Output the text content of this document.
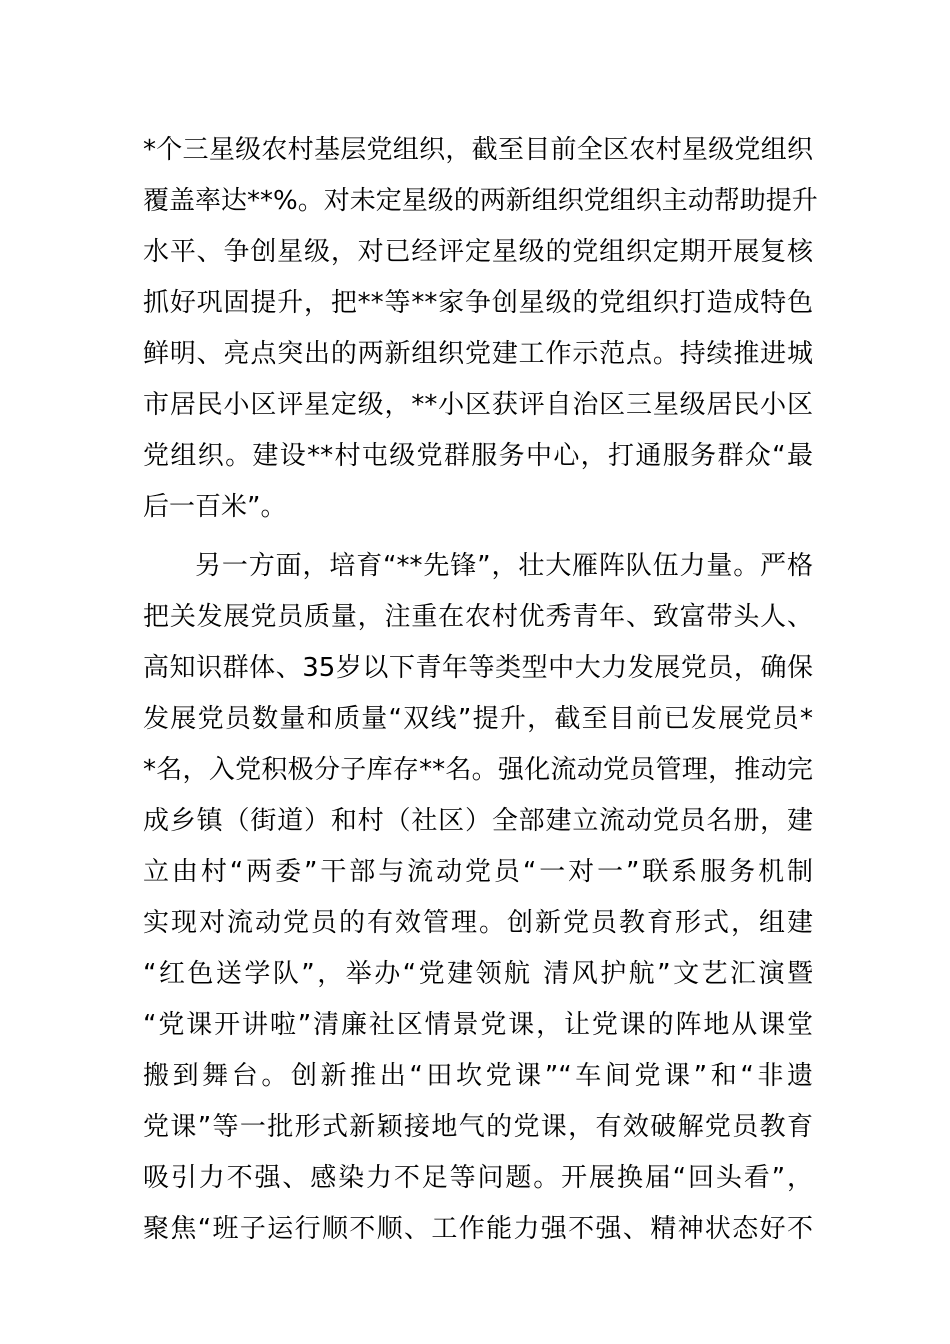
*个三星级农村基层党组织，截至目前全区农村星级党组织
覆盖率达**%。对未定星级的两新组织党组织主动帮助提升
水平、争创星级，对已经评定星级的党组织定期开展复核
抓好巩固提升，把**等**家争创星级的党组织打造成特色
鲜明、亮点突出的两新组织党建工作示范点。持续推进城
市居民小区评星定级，**小区获评自治区三星级居民小区
党组织。建设**村屯级党群服务中心，打通服务群众“最
后一百米”。
另一方面，培育“**先锋”，壮大雁阵队伍力量。严格
把关发展党员质量，注重在农村优秀青年、致富带头人、
高知识群体、35岁以下青年等类型中大力发展党员，确保
发展党员数量和质量“双线”提升，截至目前已发展党员*
*名，入党积极分子库存**名。强化流动党员管理，推动完
成乡镇（街道）和村（社区）全部建立流动党员名册，建
立由村“两委”干部与流动党员“一对一”联系服务机制
实现对流动党员的有效管理。创新党员教育形式，组建
“红色送学队”，举办“党建领航 清风护航”文艺汇演暨
“党课开讲啦”清廉社区情景党课，让党课的阵地从课堂
搬到舞台。创新推出“田坎党课”“车间党课”和“非遗
党课”等一批形式新颖接地气的党课，有效破解党员教育
吸引力不强、感染力不足等问题。开展换届“回头看”，
聚焦“班子运行顺不顺、工作能力强不强、精神状态好不
